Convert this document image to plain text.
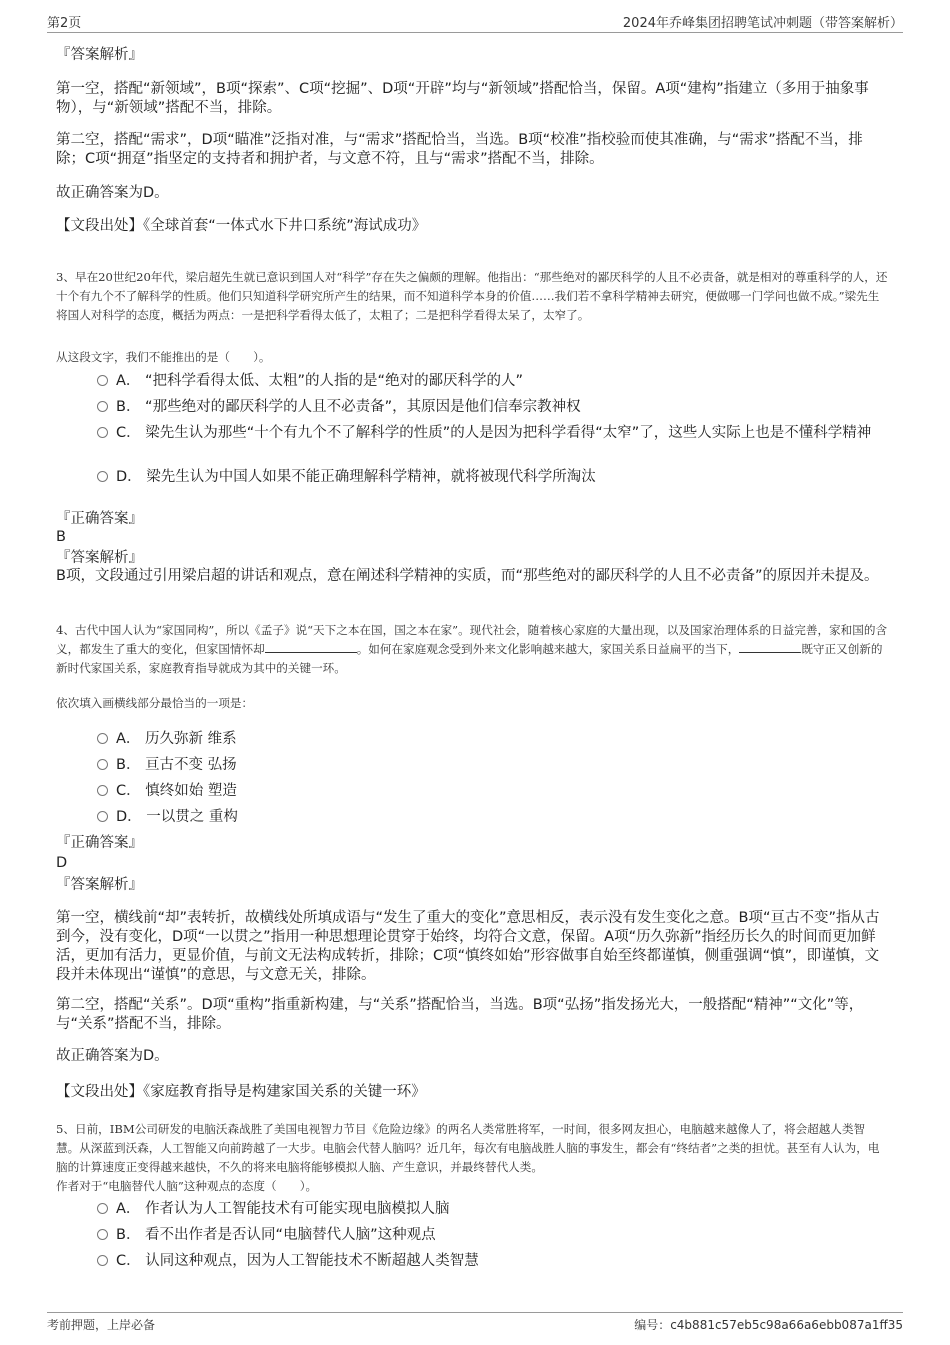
第2页	2024年乔峰集团招聘笔试冲刺题（带答案解析）
『答案解析』
第一空，搭配“新领域”，B项“探索”、C项“挖掘”、D项“开辟”均与“新领域”搭配恰当，保留。A项“建构”指建立（多用于抽象事物），与“新领域”搭配不当，排除。
第二空，搭配“需求”，D项“瞄准”泛指对准，与“需求”搭配恰当，当选。B项“校准”指校验而使其准确，与“需求”搭配不当，排除；C项“拥趸”指坚定的支持者和拥护者，与文意不符，且与“需求”搭配不当，排除。
故正确答案为D。
【文段出处】《全球首套“一体式水下井口系统”海试成功》
3、早在20世纪20年代，梁启超先生就已意识到国人对“科学”存在失之偏颇的理解。他指出：“那些绝对的鄙厌科学的人且不必责备，就是相对的尊重科学的人，还十个有九个不了解科学的性质。他们只知道科学研究所产生的结果，而不知道科学本身的价值……我们若不拿科学精神去研究，便做哪一门学问也做不成。”梁先生将国人对科学的态度，概括为两点：一是把科学看得太低了，太粗了；二是把科学看得太呆了，太窄了。
从这段文字，我们不能推出的是（　　）。
A． “把科学看得太低、太粗”的人指的是“绝对的鄙厌科学的人”
B． “那些绝对的鄙厌科学的人且不必责备”，其原因是他们信奉宗教神权
C． 梁先生认为那些“十个有九个不了解科学的性质”的人是因为把科学看得“太窄”了，这些人实际上也是不懂科学精神
D． 梁先生认为中国人如果不能正确理解科学精神，就将被现代科学所淘汰
『正确答案』
B
『答案解析』
B项，文段通过引用梁启超的讲话和观点，意在阐述科学精神的实质，而“那些绝对的鄙厌科学的人且不必责备”的原因并未提及。
4、古代中国人认为“家国同构”，所以《孟子》说“天下之本在国，国之本在家”。现代社会，随着核心家庭的大量出现，以及国家治理体系的日益完善，家和国的含义，都发生了重大的变化，但家国情怀却	。如何在家庭观念受到外来文化影响越来越大，家国关系日益扁平的当下，	既守正又创新的新时代家国关系，家庭教育指导就成为其中的关键一环。
依次填入画横线部分最恰当的一项是：
A． 历久弥新 维系
B． 亘古不变 弘扬
C． 慎终如始 塑造
D． 一以贯之 重构
『正确答案』
D
『答案解析』
第一空，横线前“却”表转折，故横线处所填成语与“发生了重大的变化”意思相反，表示没有发生变化之意。B项“亘古不变”指从古到今，没有变化，D项“一以贯之”指用一种思想理论贯穿于始终，均符合文意，保留。A项“历久弥新”指经历长久的时间而更加鲜活，更加有活力，更显价值，与前文无法构成转折，排除；C项“慎终如始”形容做事自始至终都谨慎，侧重强调“慎”，即谨慎，文段并未体现出“谨慎”的意思，与文意无关，排除。
第二空，搭配“关系”。D项“重构”指重新构建，与“关系”搭配恰当，当选。B项“弘扬”指发扬光大，一般搭配“精神”“文化”等，与“关系”搭配不当，排除。
故正确答案为D。
【文段出处】《家庭教育指导是构建家国关系的关键一环》
5、日前，IBM公司研发的电脑沃森战胜了美国电视智力节目《危险边缘》的两名人类常胜将军，一时间，很多网友担心，电脑越来越像人了，将会超越人类智慧。从深蓝到沃森，人工智能又向前跨越了一大步。电脑会代替人脑吗？近几年，每次有电脑战胜人脑的事发生，都会有“终结者”之类的担忧。甚至有人认为，电脑的计算速度正变得越来越快，不久的将来电脑将能够模拟人脑、产生意识，并最终替代人类。
作者对于“电脑替代人脑”这种观点的态度（　　）。
A． 作者认为人工智能技术有可能实现电脑模拟人脑
B． 看不出作者是否认同“电脑替代人脑”这种观点
C． 认同这种观点，因为人工智能技术不断超越人类智慧
考前押题，上岸必备	编号：c4b881c57eb5c98a66a6ebb087a1ff35
